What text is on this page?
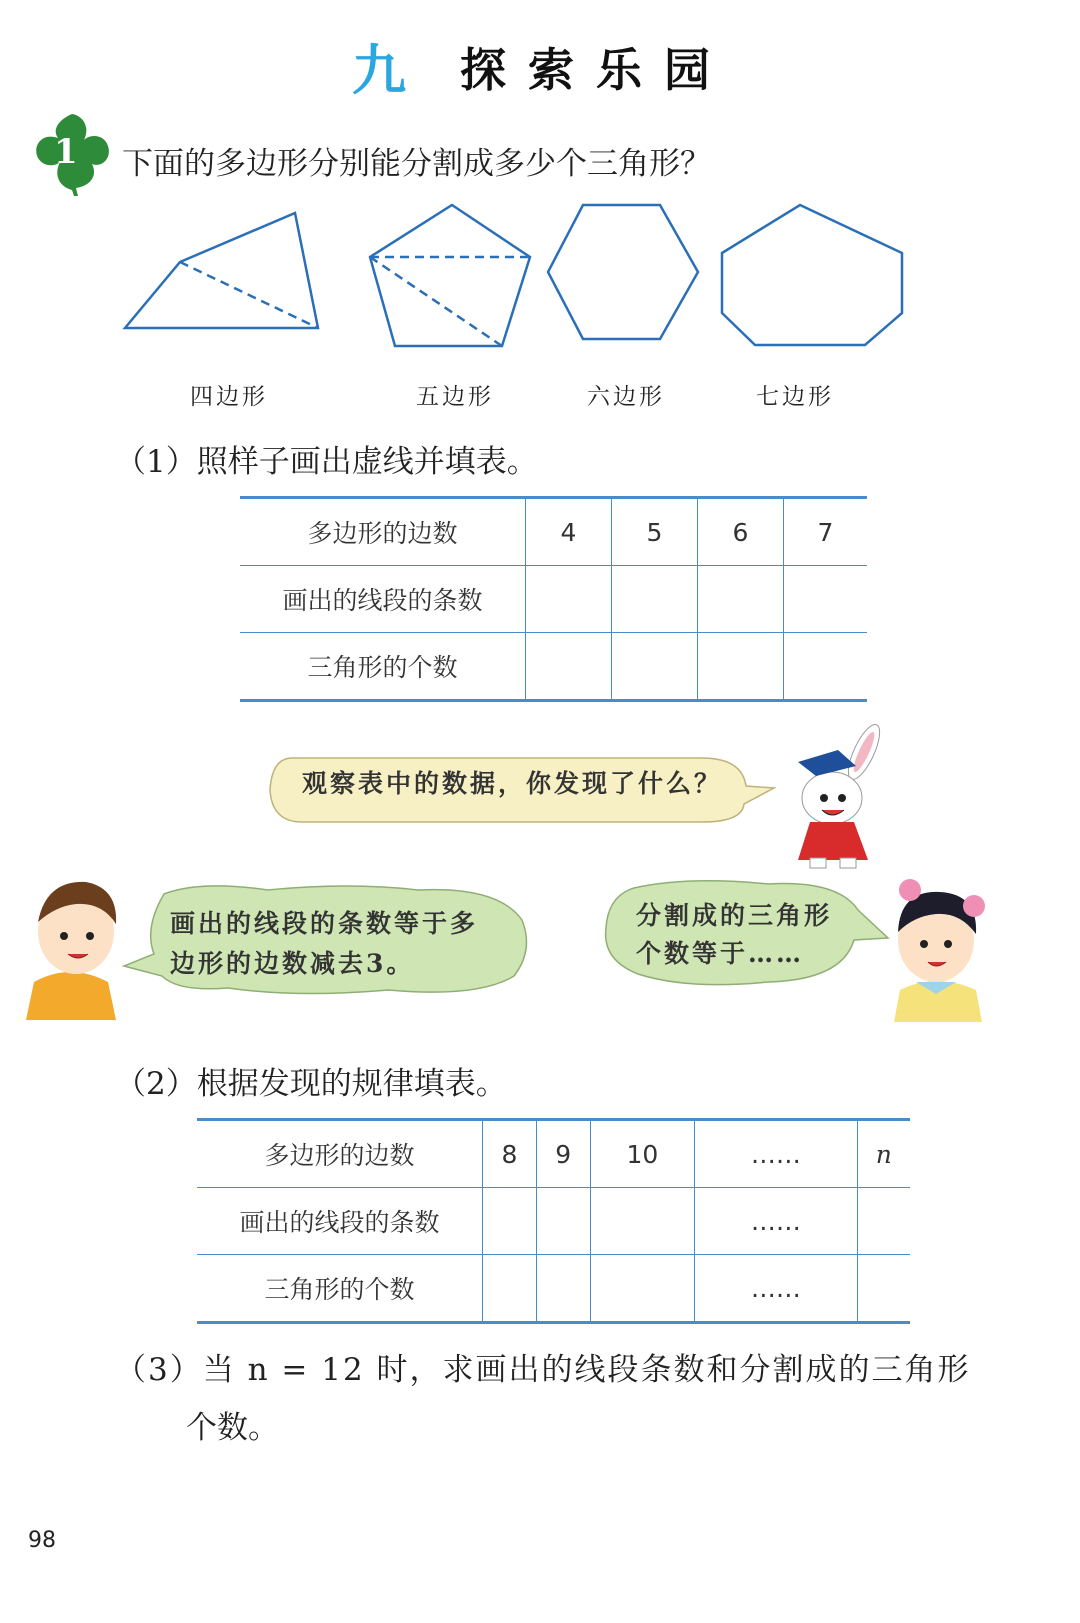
九 探索乐园
1 下面的多边形分别能分割成多少个三角形？
四边形	五边形	六边形	七边形
（1）照样子画出虚线并填表。
多边形的边数	4	5	6	7
画出的线段的条数				
三角形的个数				
观察表中的数据，你发现了什么？
画出的线段的条数等于多
边形的边数减去3。
分割成的三角形
个数等于……
（2）根据发现的规律填表。
多边形的边数	8	9	10	……	n
画出的线段的条数				……	
三角形的个数				……	
（3）当 n = 12 时，求画出的线段条数和分割成的三角形
个数。
98
